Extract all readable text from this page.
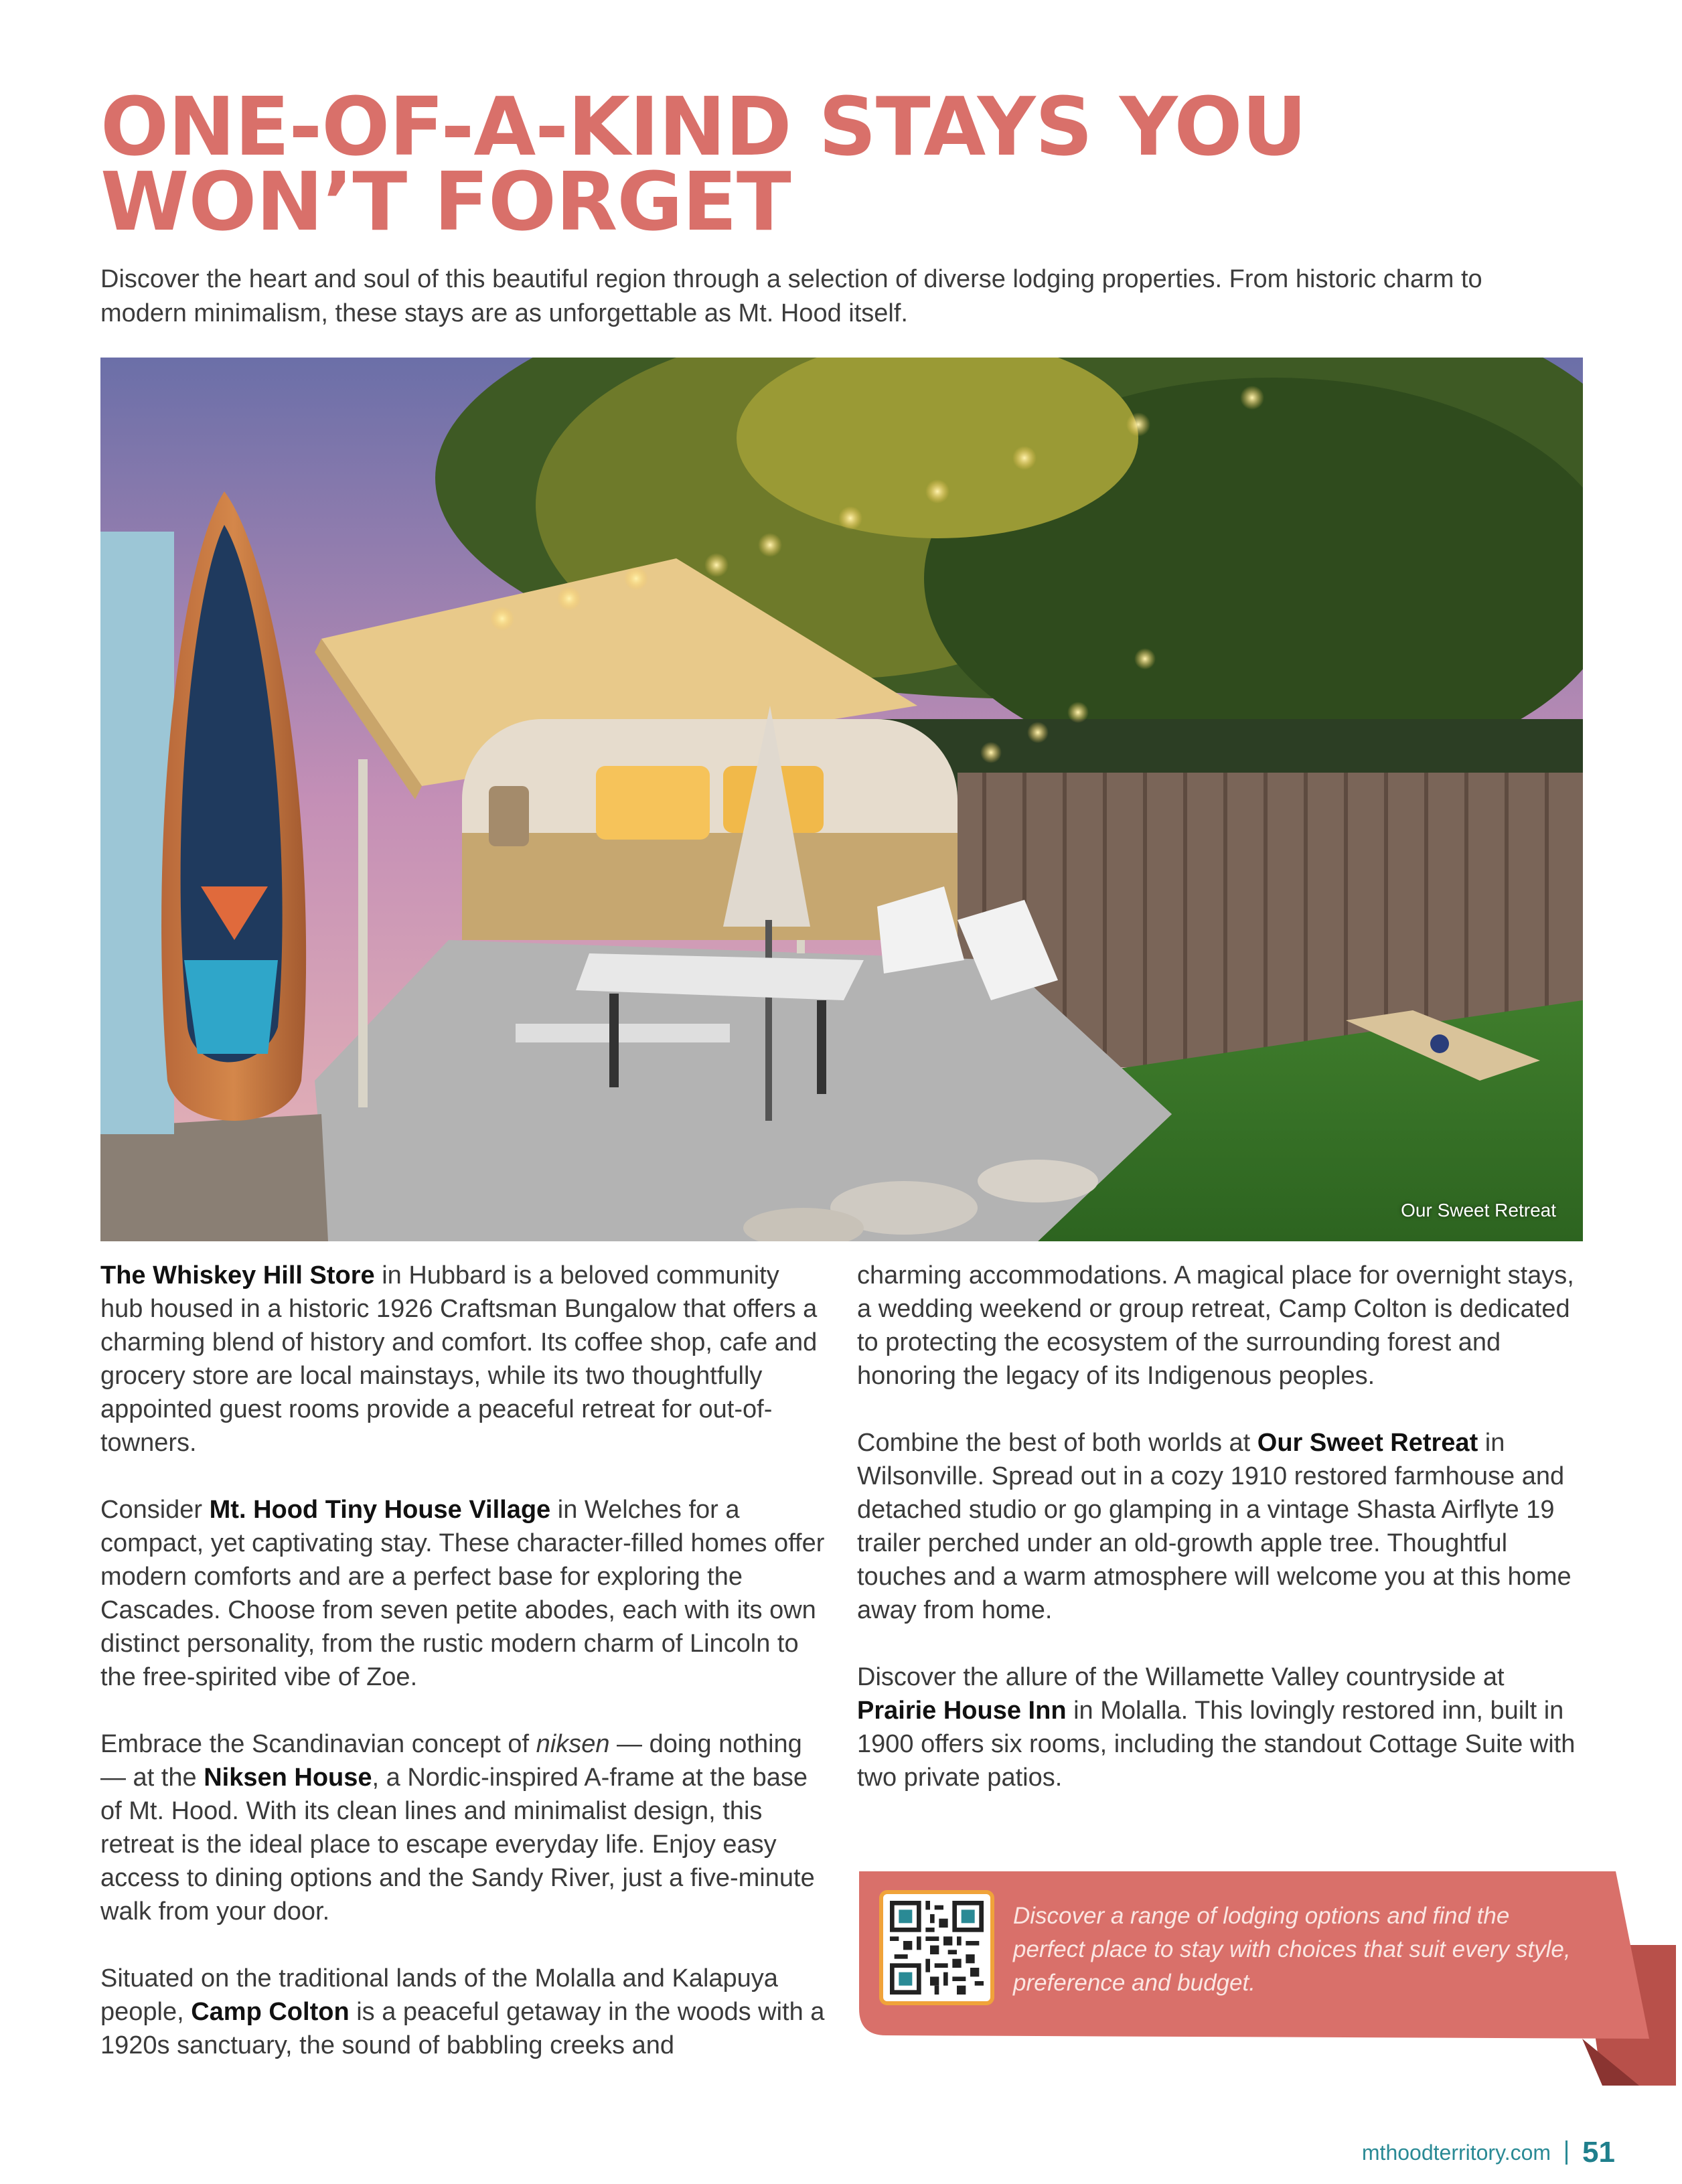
ONE-OF-A-KIND STAYS YOU
WON’T FORGET

Discover the heart and soul of this beautiful region through a selection of diverse lodging properties. From historic charm to modern minimalism, these stays are as unforgettable as Mt. Hood itself.

Our Sweet Retreat

The Whiskey Hill Store in Hubbard is a beloved community hub housed in a historic 1926 Craftsman Bungalow that offers a charming blend of history and comfort. Its coffee shop, cafe and grocery store are local mainstays, while its two thoughtfully appointed guest rooms provide a peaceful retreat for out-of-towners.

Consider Mt. Hood Tiny House Village in Welches for a compact, yet captivating stay. These character-filled homes offer modern comforts and are a perfect base for exploring the Cascades. Choose from seven petite abodes, each with its own distinct personality, from the rustic modern charm of Lincoln to the free-spirited vibe of Zoe.

Embrace the Scandinavian concept of niksen — doing nothing — at the Niksen House, a Nordic-inspired A-frame at the base of Mt. Hood. With its clean lines and minimalist design, this retreat is the ideal place to escape everyday life. Enjoy easy access to dining options and the Sandy River, just a five-minute walk from your door.

Situated on the traditional lands of the Molalla and Kalapuya people, Camp Colton is a peaceful getaway in the woods with a 1920s sanctuary, the sound of babbling creeks and

charming accommodations. A magical place for overnight stays, a wedding weekend or group retreat, Camp Colton is dedicated to protecting the ecosystem of the surrounding forest and honoring the legacy of its Indigenous peoples.

Combine the best of both worlds at Our Sweet Retreat in Wilsonville. Spread out in a cozy 1910 restored farmhouse and detached studio or go glamping in a vintage Shasta Airflyte 19 trailer perched under an old-growth apple tree. Thoughtful touches and a warm atmosphere will welcome you at this home away from home.

Discover the allure of the Willamette Valley countryside at Prairie House Inn in Molalla. This lovingly restored inn, built in 1900 offers six rooms, including the standout Cottage Suite with two private patios.

Discover a range of lodging options and find the perfect place to stay with choices that suit every style, preference and budget.

mthoodterritory.com 51
